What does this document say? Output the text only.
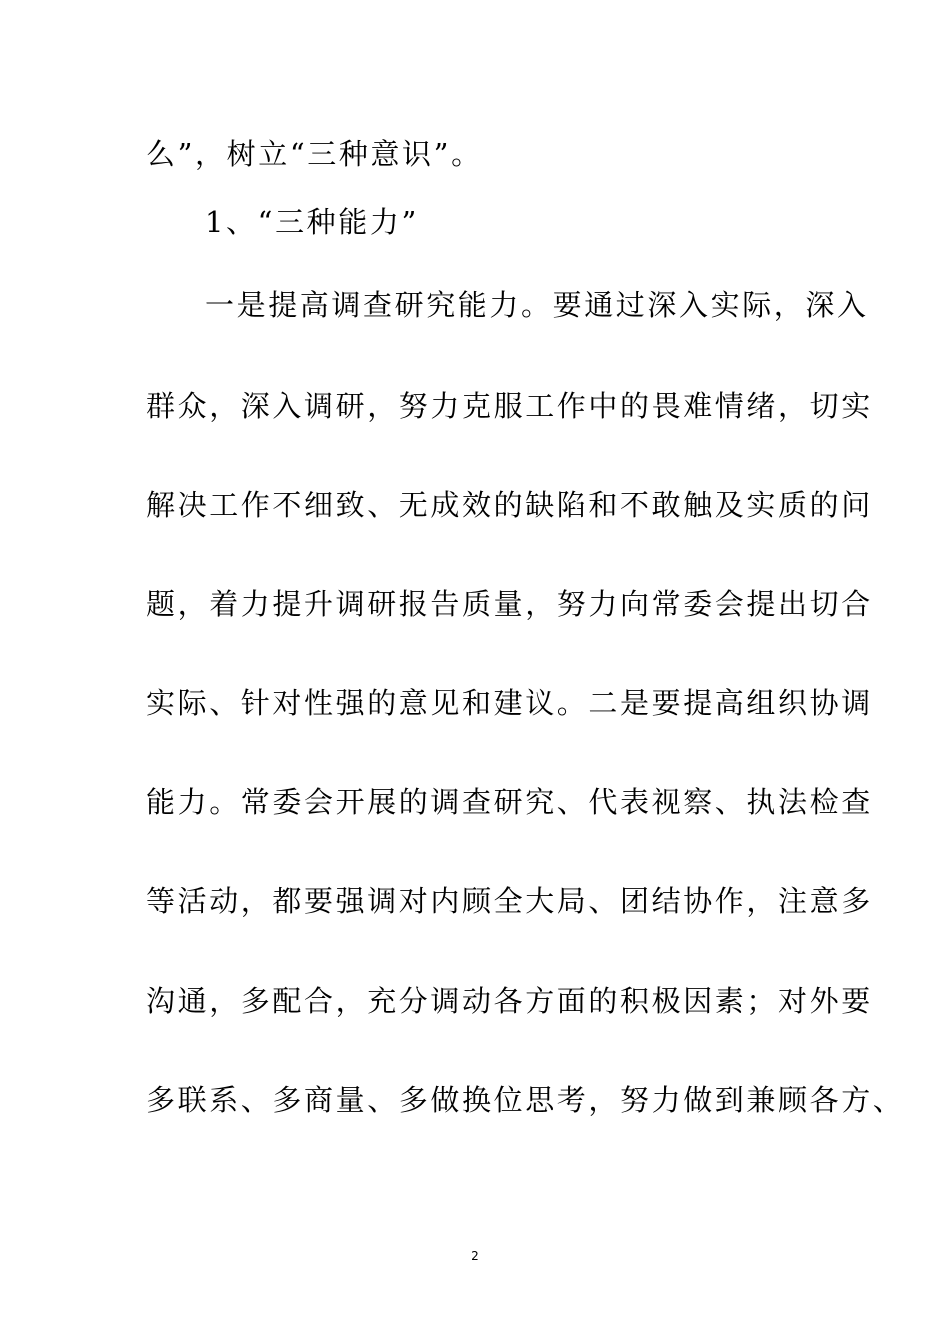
么”，树立“三种意识”。
1、“三种能力”
一是提高调查研究能力。要通过深入实际，深入
群众，深入调研，努力克服工作中的畏难情绪，切实
解决工作不细致、无成效的缺陷和不敢触及实质的问
题，着力提升调研报告质量，努力向常委会提出切合
实际、针对性强的意见和建议。二是要提高组织协调
能力。常委会开展的调查研究、代表视察、执法检查
等活动，都要强调对内顾全大局、团结协作，注意多
沟通，多配合，充分调动各方面的积极因素；对外要
多联系、多商量、多做换位思考，努力做到兼顾各方、
2
